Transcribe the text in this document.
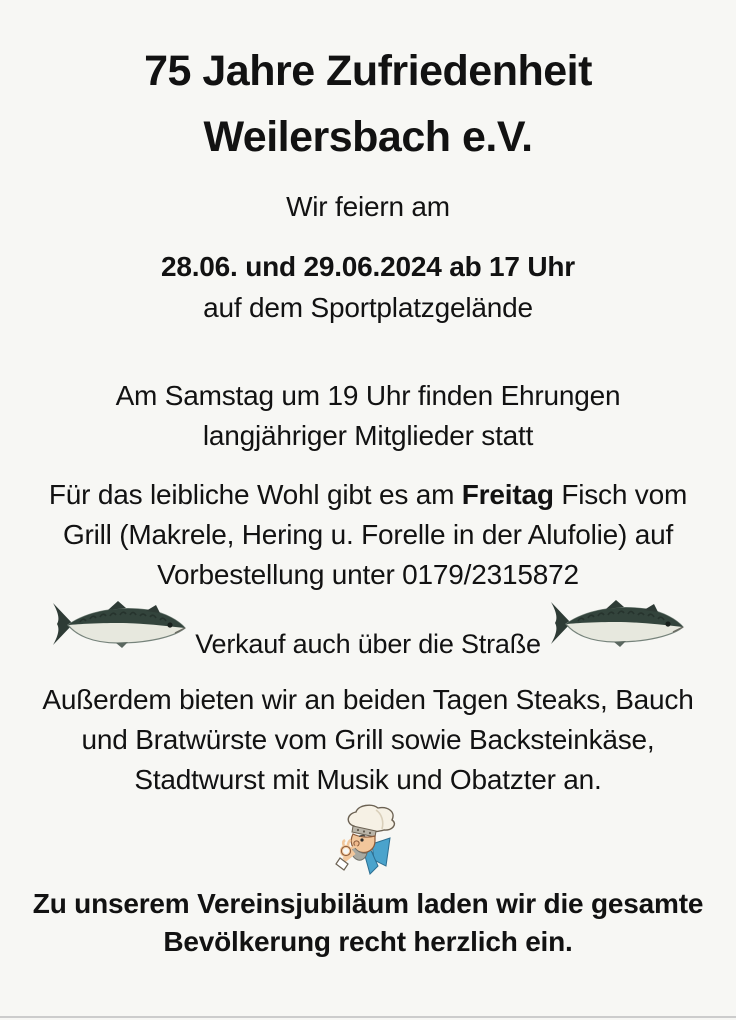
75 Jahre Zufriedenheit
Weilersbach e.V.
Wir feiern am
28.06. und 29.06.2024 ab 17 Uhr
auf dem Sportplatzgelände
Am Samstag um 19 Uhr finden Ehrungen
langjähriger Mitglieder statt
Für das leibliche Wohl gibt es am Freitag Fisch vom
Grill (Makrele, Hering u. Forelle in der Alufolie) auf
Vorbestellung unter 0179/2315872
Verkauf auch über die Straße
Außerdem bieten wir an beiden Tagen Steaks, Bauch
und Bratwürste vom Grill sowie Backsteinkäse,
Stadtwurst mit Musik und Obatzter an.
Zu unserem Vereinsjubiläum laden wir die gesamte
Bevölkerung recht herzlich ein.
